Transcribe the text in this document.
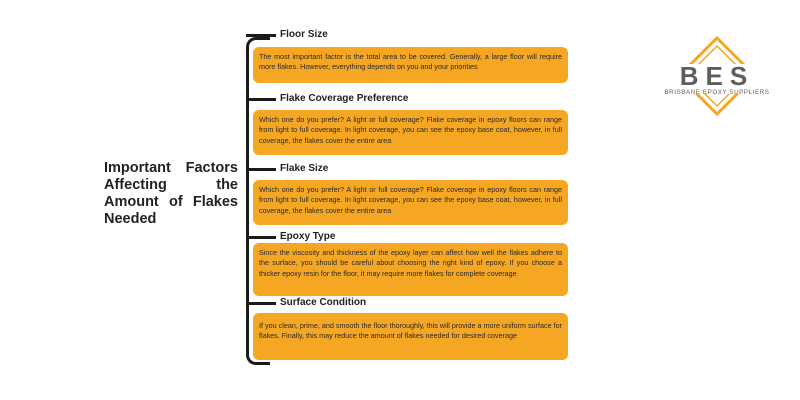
Important Factors Affecting the Amount of Flakes Needed
Floor Size
The most important factor is the total area to be covered. Generally, a large floor will require more flakes. However, everything depends on you and your priorities
Flake Coverage Preference
Which one do you prefer? A light or full coverage? Flake coverage in epoxy floors can range from light to full coverage. In light coverage, you can see the epoxy base coat, however, in full coverage, the flakes cover the entire area
Flake Size
Which one do you prefer? A light or full coverage? Flake coverage in epoxy floors can range from light to full coverage. In light coverage, you can see the epoxy base coat, however, in full coverage, the flakes cover the entire area
Epoxy Type
Since the viscosity and thickness of the epoxy layer can affect how well the flakes adhere to the surface, you should be careful about choosing the right kind of epoxy. If you choose a thicker epoxy resin for the floor, it may require more flakes for complete coverage
Surface Condition
If you clean, prime, and smooth the floor thoroughly, this will provide a more uniform surface for flakes. Finally, this may reduce the amount of flakes needed for desired coverage
BES
BRISBANE EPOXY SUPPLIERS
